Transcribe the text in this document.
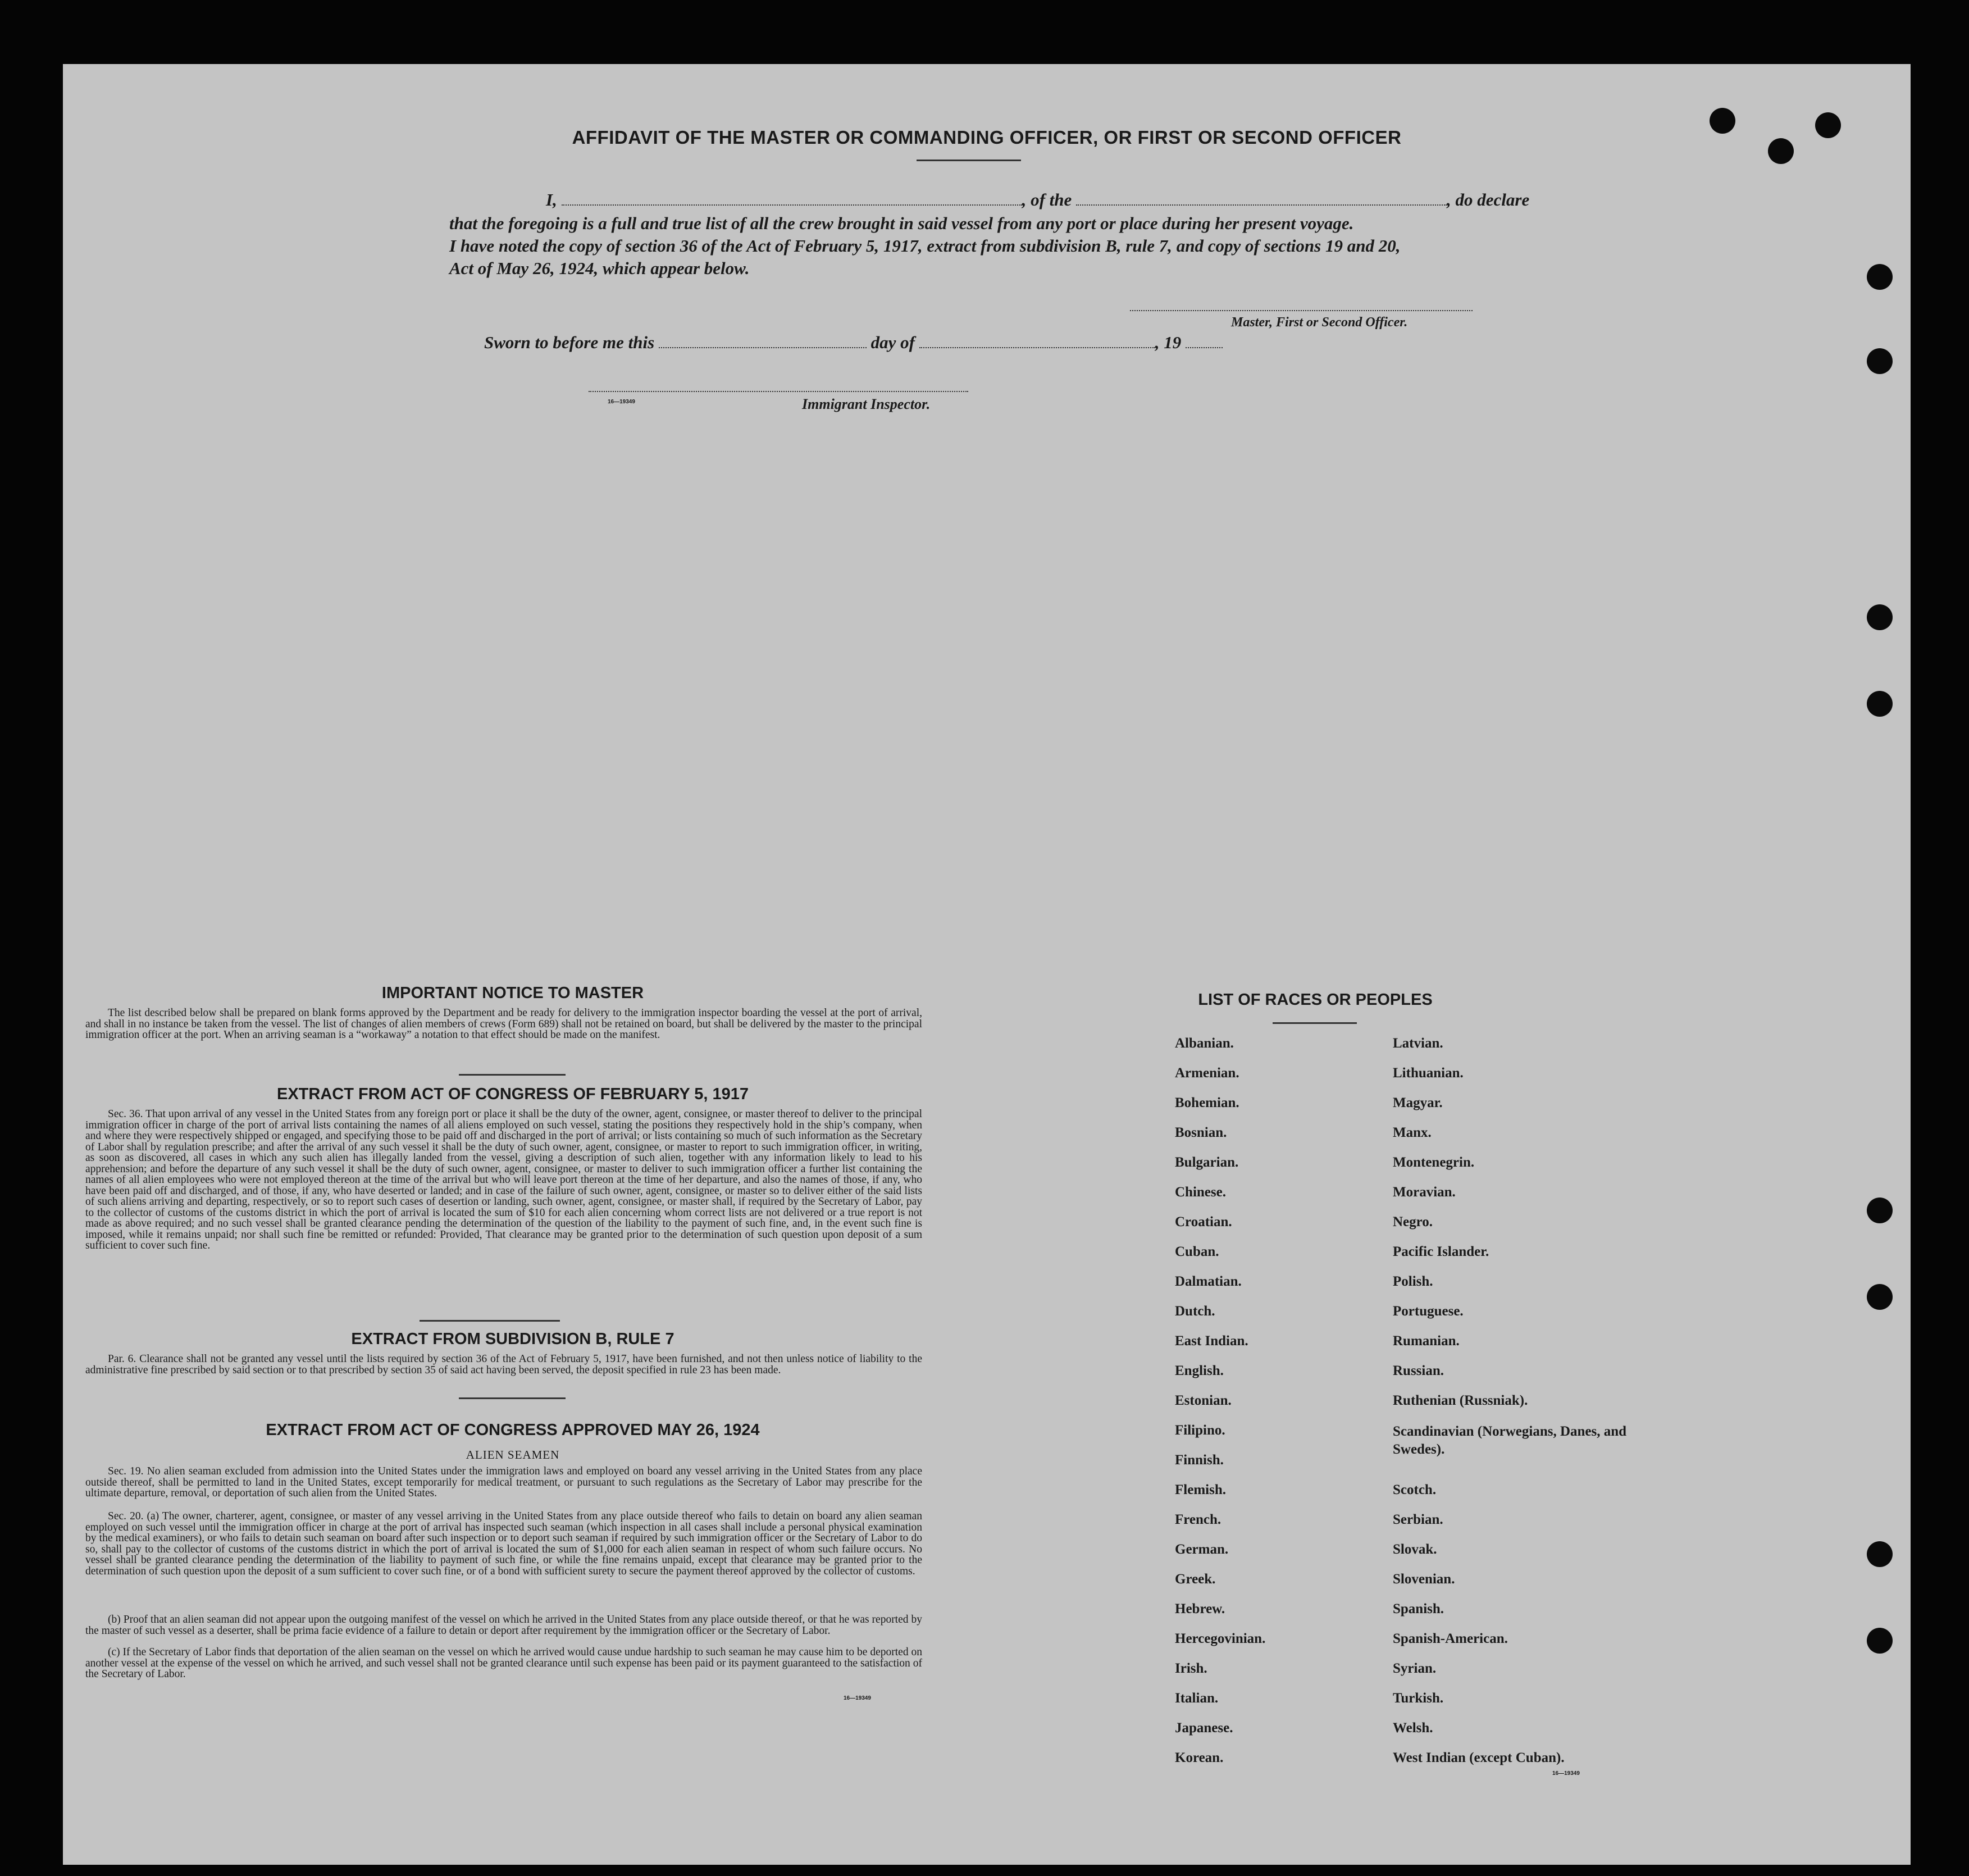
AFFIDAVIT OF THE MASTER OR COMMANDING OFFICER, OR FIRST OR SECOND OFFICER
I,	, of the	, do declare
that the foregoing is a full and true list of all the crew brought in said vessel from any port or place during her present voyage.
I have noted the copy of section 36 of the Act of February 5, 1917, extract from subdivision B, rule 7, and copy of sections 19 and 20,
Act of May 26, 1924, which appear below.
Master, First or Second Officer.
Sworn to before me this	day of	, 19
16—19349	Immigrant Inspector.
IMPORTANT NOTICE TO MASTER

The list described below shall be prepared on blank forms approved by the Department and be ready for delivery to the immigration inspector boarding the vessel at the port of arrival, and shall in no instance be taken from the vessel. The list of changes of alien members of crews (Form 689) shall not be retained on board, but shall be delivered by the master to the principal immigration officer at the port. When an arriving seaman is a “workaway” a notation to that effect should be made on the manifest.

EXTRACT FROM ACT OF CONGRESS OF FEBRUARY 5, 1917

Sec. 36. That upon arrival of any vessel in the United States from any foreign port or place it shall be the duty of the owner, agent, consignee, or master thereof to deliver to the principal immigration officer in charge of the port of arrival lists containing the names of all aliens employed on such vessel, stating the positions they respectively hold in the ship’s company, when and where they were respectively shipped or engaged, and specifying those to be paid off and discharged in the port of arrival; or lists containing so much of such information as the Secretary of Labor shall by regulation prescribe; and after the arrival of any such vessel it shall be the duty of such owner, agent, consignee, or master to report to such immigration officer, in writing, as soon as discovered, all cases in which any such alien has illegally landed from the vessel, giving a description of such alien, together with any information likely to lead to his apprehension; and before the departure of any such vessel it shall be the duty of such owner, agent, consignee, or master to deliver to such immigration officer a further list containing the names of all alien employees who were not employed thereon at the time of the arrival but who will leave port thereon at the time of her departure, and also the names of those, if any, who have been paid off and discharged, and of those, if any, who have deserted or landed; and in case of the failure of such owner, agent, consignee, or master so to deliver either of the said lists of such aliens arriving and departing, respectively, or so to report such cases of desertion or landing, such owner, agent, consignee, or master shall, if required by the Secretary of Labor, pay to the collector of customs of the customs district in which the port of arrival is located the sum of $10 for each alien concerning whom correct lists are not delivered or a true report is not made as above required; and no such vessel shall be granted clearance pending the determination of the question of the liability to the payment of such fine, and, in the event such fine is imposed, while it remains unpaid; nor shall such fine be remitted or refunded: Provided, That clearance may be granted prior to the determination of such question upon deposit of a sum sufficient to cover such fine.

EXTRACT FROM SUBDIVISION B, RULE 7

Par. 6. Clearance shall not be granted any vessel until the lists required by section 36 of the Act of February 5, 1917, have been furnished, and not then unless notice of liability to the administrative fine prescribed by said section or to that prescribed by section 35 of said act having been served, the deposit specified in rule 23 has been made.

EXTRACT FROM ACT OF CONGRESS APPROVED MAY 26, 1924
ALIEN SEAMEN

Sec. 19. No alien seaman excluded from admission into the United States under the immigration laws and employed on board any vessel arriving in the United States from any place outside thereof, shall be permitted to land in the United States, except temporarily for medical treatment, or pursuant to such regulations as the Secretary of Labor may prescribe for the ultimate departure, removal, or deportation of such alien from the United States.

Sec. 20. (a) The owner, charterer, agent, consignee, or master of any vessel arriving in the United States from any place outside thereof who fails to detain on board any alien seaman employed on such vessel until the immigration officer in charge at the port of arrival has inspected such seaman (which inspection in all cases shall include a personal physical examination by the medical examiners), or who fails to detain such seaman on board after such inspection or to deport such seaman if required by such immigration officer or the Secretary of Labor to do so, shall pay to the collector of customs of the customs district in which the port of arrival is located the sum of $1,000 for each alien seaman in respect of whom such failure occurs. No vessel shall be granted clearance pending the determination of the liability to payment of such fine, or while the fine remains unpaid, except that clearance may be granted prior to the determination of such question upon the deposit of a sum sufficient to cover such fine, or of a bond with sufficient surety to secure the payment thereof approved by the collector of customs.

(b) Proof that an alien seaman did not appear upon the outgoing manifest of the vessel on which he arrived in the United States from any place outside thereof, or that he was reported by the master of such vessel as a deserter, shall be prima facie evidence of a failure to detain or deport after requirement by the immigration officer or the Secretary of Labor.

(c) If the Secretary of Labor finds that deportation of the alien seaman on the vessel on which he arrived would cause undue hardship to such seaman he may cause him to be deported on another vessel at the expense of the vessel on which he arrived, and such vessel shall not be granted clearance until such expense has been paid or its payment guaranteed to the satisfaction of the Secretary of Labor.

16—19349
LIST OF RACES OR PEOPLES
Albanian.
Armenian.
Bohemian.
Bosnian.
Bulgarian.
Chinese.
Croatian.
Cuban.
Dalmatian.
Dutch.
East Indian.
English.
Estonian.
Filipino.
Finnish.
Flemish.
French.
German.
Greek.
Hebrew.
Hercegovinian.
Irish.
Italian.
Japanese.
Korean.
Latvian.
Lithuanian.
Magyar.
Manx.
Montenegrin.
Moravian.
Negro.
Pacific Islander.
Polish.
Portuguese.
Rumanian.
Russian.
Ruthenian (Russniak).
Scandinavian (Norwegians, Danes, and Swedes).
Scotch.
Serbian.
Slovak.
Slovenian.
Spanish.
Spanish-American.
Syrian.
Turkish.
Welsh.
West Indian (except Cuban).
16—19349
